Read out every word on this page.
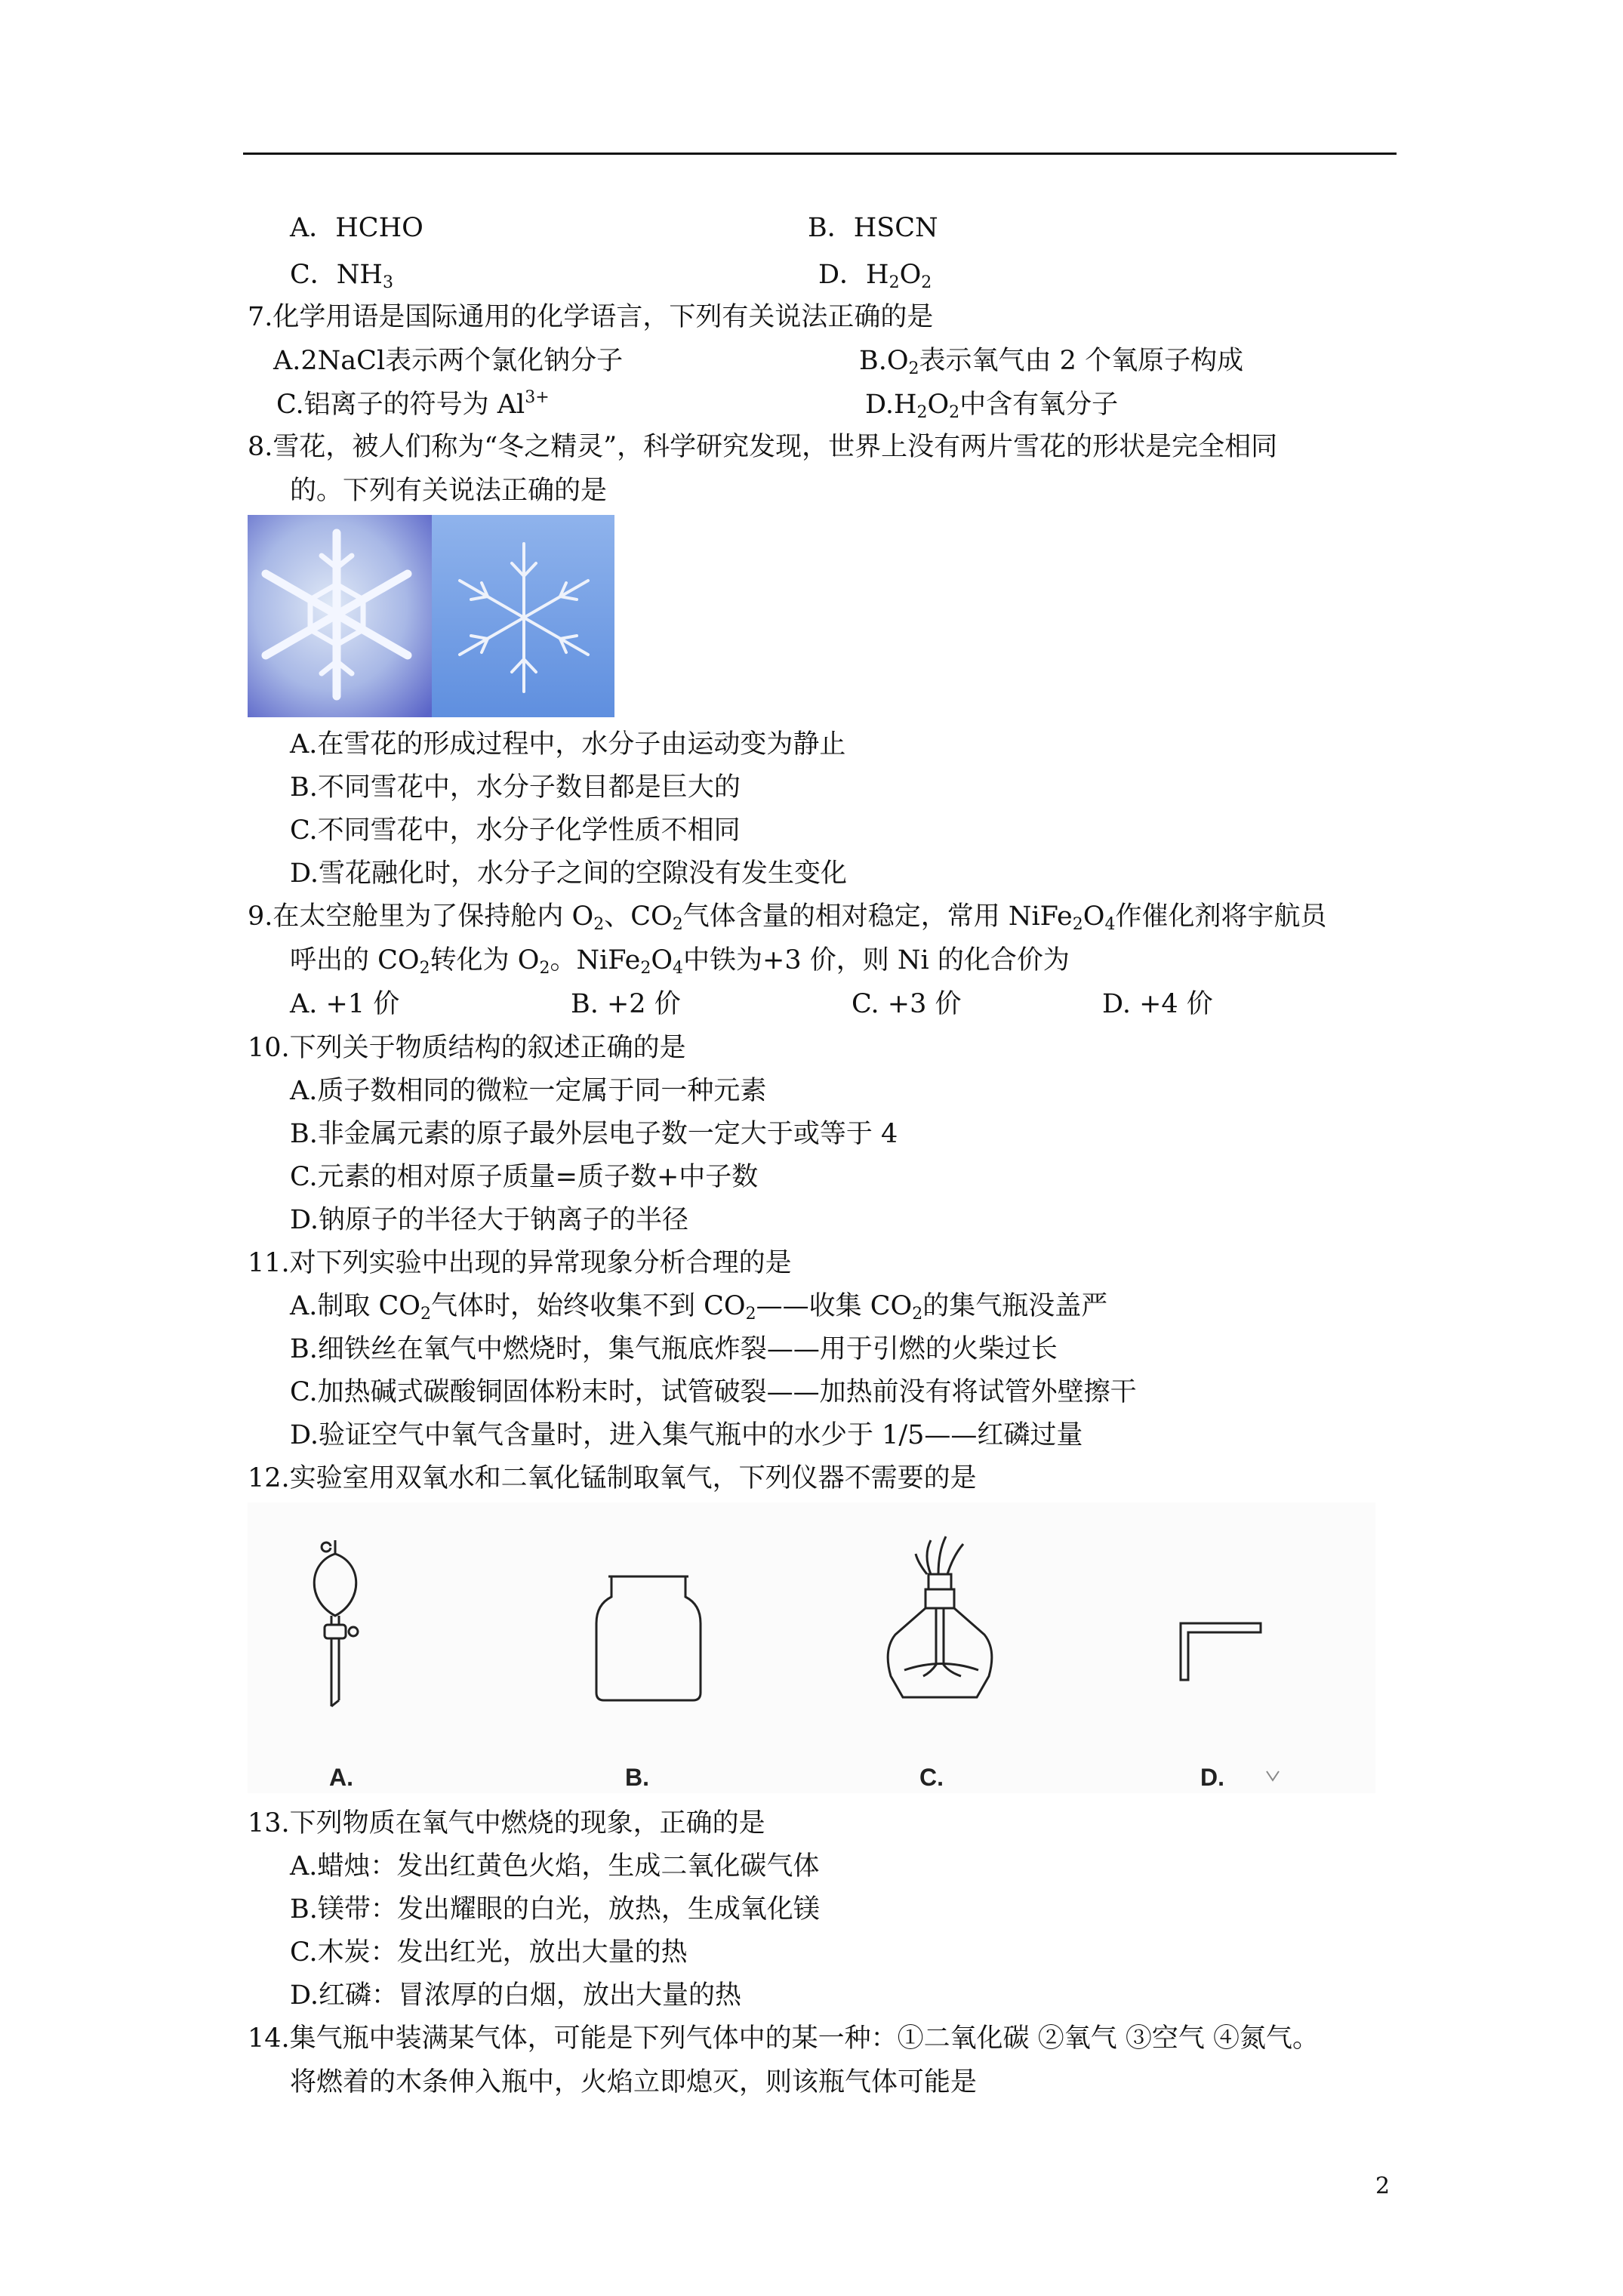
A．HCHO	B．HSCN
C．$NH_3$	D．$H_2O_2$
7.化学用语是国际通用的化学语言，下列有关说法正确的是
A.2NaCl表示两个氯化钠分子	$B.O_2$表示氧气由 2 个氧原子构成
C.铝离子的符号为 $Al^{3+}$	$D.H_2O_2$中含有氧分子
8.雪花，被人们称为“冬之精灵”，科学研究发现，世界上没有两片雪花的形状是完全相同
的。下列有关说法正确的是
A.在雪花的形成过程中，水分子由运动变为静止
B.不同雪花中，水分子数目都是巨大的
C.不同雪花中，水分子化学性质不相同
D.雪花融化时，水分子之间的空隙没有发生变化
9.在太空舱里为了保持舱内 $O_2$、$CO_2$气体含量的相对稳定，常用 $NiFe_2O_4$作催化剂将宇航员
呼出的 $CO_2$转化为 $O_2$。$NiFe_2O_4$中铁为+3 价，则 Ni 的化合价为
A. +1 价	B. +2 价	C. +3 价	D. +4 价
10.下列关于物质结构的叙述正确的是
A.质子数相同的微粒一定属于同一种元素
B.非金属元素的原子最外层电子数一定大于或等于 4
C.元素的相对原子质量=质子数+中子数
D.钠原子的半径大于钠离子的半径
11.对下列实验中出现的异常现象分析合理的是
A.制取 $CO_2$气体时，始终收集不到 $CO_2——$收集 $CO_2$的集气瓶没盖严
B.细铁丝在氧气中燃烧时，集气瓶底炸裂——用于引燃的火柴过长
C.加热碱式碳酸铜固体粉末时，试管破裂——加热前没有将试管外壁擦干
D.验证空气中氧气含量时，进入集气瓶中的水少于 1/5——红磷过量
12.实验室用双氧水和二氧化锰制取氧气，下列仪器不需要的是
A.	B.	C.	D.
13.下列物质在氧气中燃烧的现象，正确的是
A.蜡烛：发出红黄色火焰，生成二氧化碳气体
B.镁带：发出耀眼的白光，放热，生成氧化镁
C.木炭：发出红光，放出大量的热
D.红磷：冒浓厚的白烟，放出大量的热
14.集气瓶中装满某气体，可能是下列气体中的某一种：①二氧化碳 ②氧气 ③空气 ④氮气。
将燃着的木条伸入瓶中，火焰立即熄灭，则该瓶气体可能是
2
